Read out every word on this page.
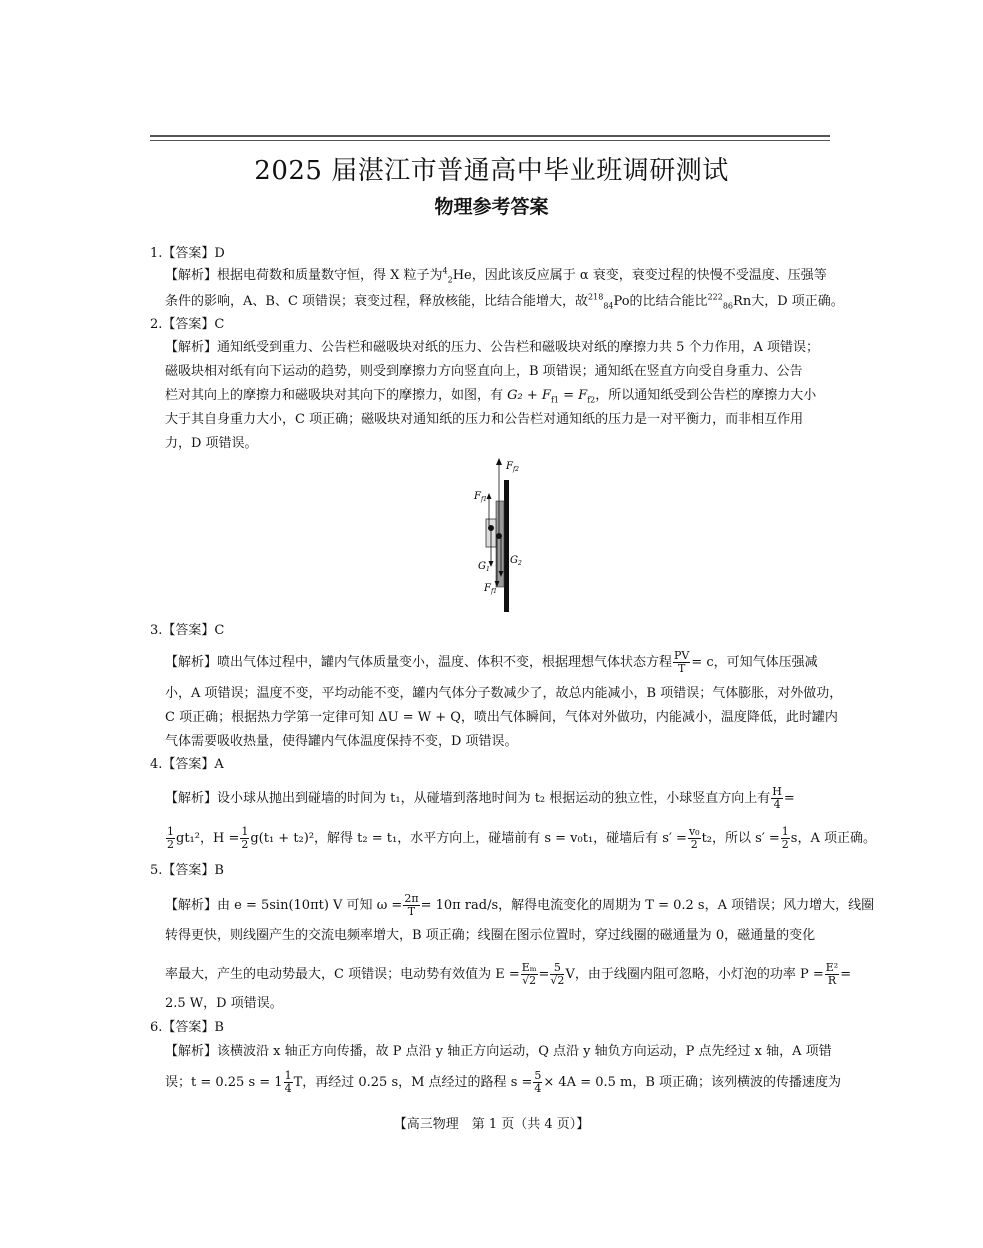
2025 届湛江市普通高中毕业班调研测试
物理参考答案
1.【答案】D
【解析】根据电荷数和质量数守恒，得 X 粒子为$^4_2$He，因此该反应属于 α 衰变，衰变过程的快慢不受温度、压强等
条件的影响，A、B、C 项错误；衰变过程，释放核能，比结合能增大，故$^{218}_{84}$Po的比结合能比$^{222}_{86}$Rn大，D 项正确。
2.【答案】C
【解析】通知纸受到重力、公告栏和磁吸块对纸的压力、公告栏和磁吸块对纸的摩擦力共 5 个力作用，A 项错误；
磁吸块相对纸有向下运动的趋势，则受到摩擦力方向竖直向上，B 项错误；通知纸在竖直方向受自身重力、公告
栏对其向上的摩擦力和磁吸块对其向下的摩擦力，如图，有 $G_2 + F_{f1} = F_{f2}$，所以通知纸受到公告栏的摩擦力大小
大于其自身重力大小，C 项正确；磁吸块对通知纸的压力和公告栏对通知纸的压力是一对平衡力，而非相互作用
力，D 项错误。
$F_{f2}$
$F_{f1}$
$G_1$
$G_2$
$F_{f1}$
3.【答案】C
【解析】喷出气体过程中，罐内气体质量变小，温度、体积不变，根据理想气体状态方程 $\frac{PV}{T} = c$，可知气体压强减
小，A 项错误；温度不变，平均动能不变，罐内气体分子数减少了，故总内能减小，B 项错误；气体膨胀，对外做功，
C 项正确；根据热力学第一定律可知 ΔU = W + Q，喷出气体瞬间，气体对外做功，内能减小，温度降低，此时罐内
气体需要吸收热量，使得罐内气体温度保持不变，D 项错误。
4.【答案】A
【解析】设小球从抛出到碰墙的时间为 t₁，从碰墙到落地时间为 t₂ 根据运动的独立性，小球竖直方向上有 $\frac{H}{4}$ =
$\frac{1}{2} gt_1^2$，$H = \frac{1}{2} g(t_1 + t_2)^2$，解得 t₂ = t₁，水平方向上，碰墙前有 s = v₀t₁，碰墙后有 $s' = \frac{\text{v₀}}{2} t_2$，所以 $s' = \frac{1}{2}$ s，A 项正确。
5.【答案】B
【解析】由 e = 5sin(10πt) V 可知 $\omega = \frac{2\pi}{T} = 10\pi$ rad/s，解得电流变化的周期为 T = 0.2 s，A 项错误；风力增大，线圈
转得更快，则线圈产生的交流电频率增大，B 项正确；线圈在图示位置时，穿过线圈的磁通量为 0，磁通量的变化
率最大，产生的电动势最大，C 项错误；电动势有效值为 $E = \frac{\text{Eₘ}}{√2} = \frac{5}{√2}$ V，由于线圈内阻可忽略，小灯泡的功率 $P = \frac{\text{E²}}{R}$ =
2.5 W，D 项错误。
6.【答案】B
【解析】该横波沿 x 轴正方向传播，故 P 点沿 y 轴正方向运动，Q 点沿 y 轴负方向运动，P 点先经过 x 轴，A 项错
误；t = 0.25 $s = 1 \frac{1}{4}$ T，再经过 0.25 s，M 点经过的路程 $s = \frac{5}{4} \times 4A = 0.5$ m，B 项正确；该列横波的传播速度为
【高三物理　第 1 页（共 4 页）】
